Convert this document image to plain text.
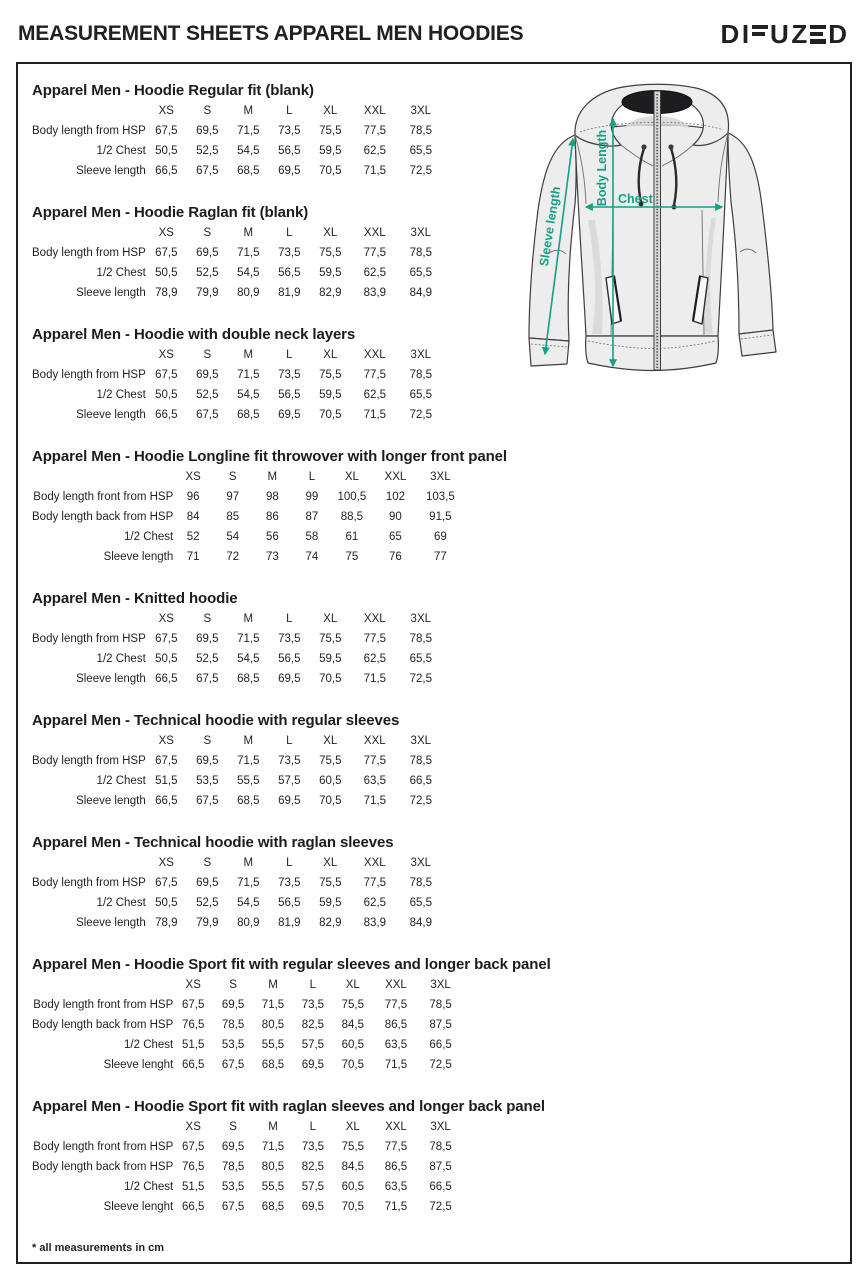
MEASUREMENT SHEETS APPAREL MEN HOODIES	D I U Z D
Apparel Men - Hoodie Regular fit (blank)
	XS	S	M	L	XL	XXL	3XL
Body length from HSP	67,5	69,5	71,5	73,5	75,5	77,5	78,5
1/2 Chest	50,5	52,5	54,5	56,5	59,5	62,5	65,5
Sleeve length	66,5	67,5	68,5	69,5	70,5	71,5	72,5
Apparel Men - Hoodie Raglan fit (blank)
	XS	S	M	L	XL	XXL	3XL
Body length from HSP	67,5	69,5	71,5	73,5	75,5	77,5	78,5
1/2 Chest	50,5	52,5	54,5	56,5	59,5	62,5	65,5
Sleeve length	78,9	79,9	80,9	81,9	82,9	83,9	84,9
Apparel Men - Hoodie with double neck layers
	XS	S	M	L	XL	XXL	3XL
Body length from HSP	67,5	69,5	71,5	73,5	75,5	77,5	78,5
1/2 Chest	50,5	52,5	54,5	56,5	59,5	62,5	65,5
Sleeve length	66,5	67,5	68,5	69,5	70,5	71,5	72,5
Apparel Men - Hoodie Longline fit throwover with longer front panel
	XS	S	M	L	XL	XXL	3XL
Body length front from HSP	96	97	98	99	100,5	102	103,5
Body length back from HSP	84	85	86	87	88,5	90	91,5
1/2 Chest	52	54	56	58	61	65	69
Sleeve length	71	72	73	74	75	76	77
Apparel Men - Knitted hoodie
	XS	S	M	L	XL	XXL	3XL
Body length from HSP	67,5	69,5	71,5	73,5	75,5	77,5	78,5
1/2 Chest	50,5	52,5	54,5	56,5	59,5	62,5	65,5
Sleeve length	66,5	67,5	68,5	69,5	70,5	71,5	72,5
Apparel Men - Technical hoodie with regular sleeves
	XS	S	M	L	XL	XXL	3XL
Body length from HSP	67,5	69,5	71,5	73,5	75,5	77,5	78,5
1/2 Chest	51,5	53,5	55,5	57,5	60,5	63,5	66,5
Sleeve length	66,5	67,5	68,5	69,5	70,5	71,5	72,5
Apparel Men - Technical hoodie with raglan sleeves
	XS	S	M	L	XL	XXL	3XL
Body length from HSP	67,5	69,5	71,5	73,5	75,5	77,5	78,5
1/2 Chest	50,5	52,5	54,5	56,5	59,5	62,5	65,5
Sleeve length	78,9	79,9	80,9	81,9	82,9	83,9	84,9
Apparel Men - Hoodie Sport fit with regular sleeves and longer back panel
	XS	S	M	L	XL	XXL	3XL
Body length front from HSP	67,5	69,5	71,5	73,5	75,5	77,5	78,5
Body length back from HSP	76,5	78,5	80,5	82,5	84,5	86,5	87,5
1/2 Chest	51,5	53,5	55,5	57,5	60,5	63,5	66,5
Sleeve lenght	66,5	67,5	68,5	69,5	70,5	71,5	72,5
Apparel Men - Hoodie Sport fit with raglan sleeves and longer back panel
	XS	S	M	L	XL	XXL	3XL
Body length front from HSP	67,5	69,5	71,5	73,5	75,5	77,5	78,5
Body length back from HSP	76,5	78,5	80,5	82,5	84,5	86,5	87,5
1/2 Chest	51,5	53,5	55,5	57,5	60,5	63,5	66,5
Sleeve lenght	66,5	67,5	68,5	69,5	70,5	71,5	72,5
Body Length
Sleeve length	Chest
* all measurements in cm
